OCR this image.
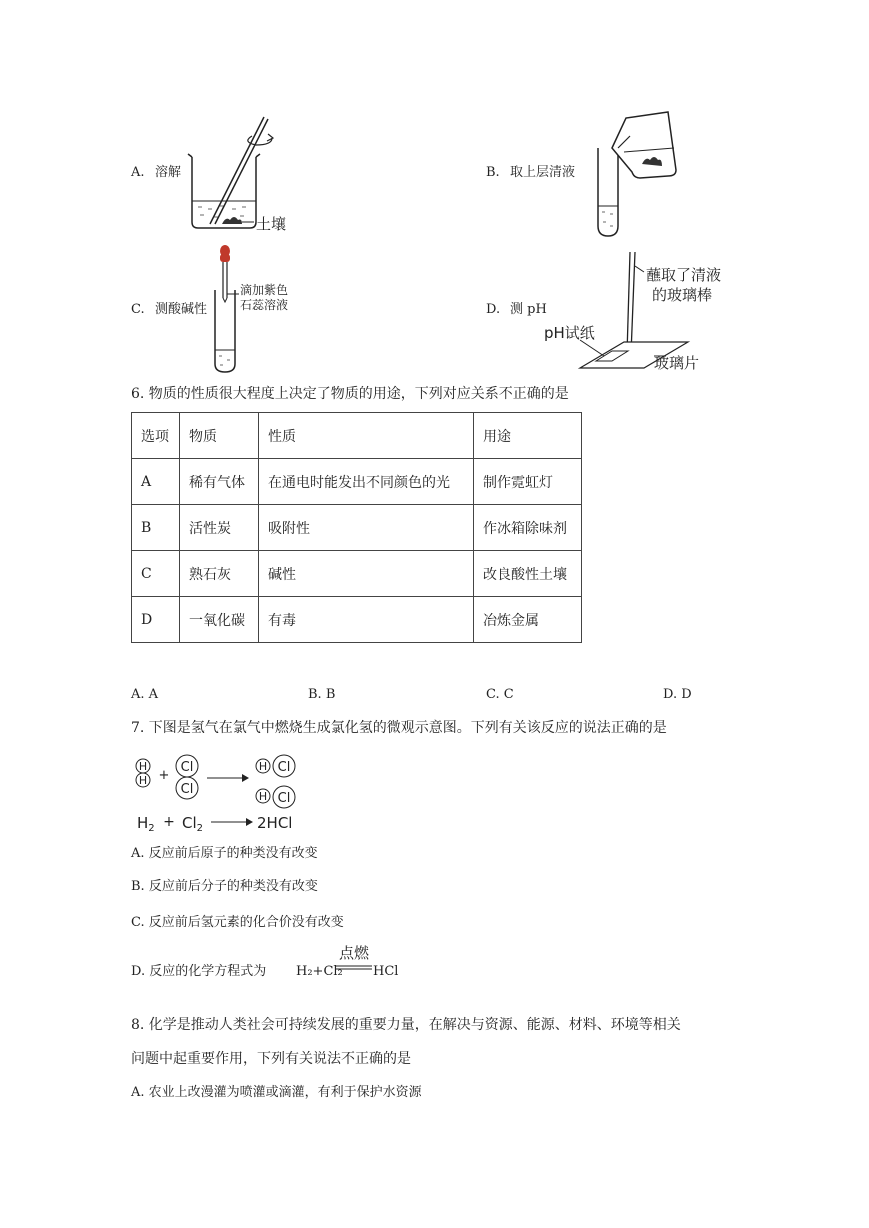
A. 溶解
土壤
B. 取上层清液
C. 测酸碱性
滴加紫色
石蕊溶液	D. 测 pH
蘸取了清液
的玻璃棒
pH试纸
玻璃片
6. 物质的性质很大程度上决定了物质的用途，下列对应关系不正确的是
选项	物质	性质	用途
A	稀有气体	在通电时能发出不同颜色的光	制作霓虹灯
B	活性炭	吸附性	作冰箱除味剂
C	熟石灰	碱性	改良酸性土壤
D	一氧化碳	有毒	冶炼金属
A. A	B. B	C. C	D. D
7. 下图是氢气在氯气中燃烧生成氯化氢的微观示意图。下列有关该反应的说法正确的是
H
H +
Cl
Cl
H Cl
H Cl
$H_2 + Cl_2$	2HCl
A. 反应前后原子的种类没有改变
B. 反应前后分子的种类没有改变
C. 反应前后氢元素的化合价没有改变
D. 反应的化学方程式为 H₂+Cl₂
点燃
HCl
8. 化学是推动人类社会可持续发展的重要力量，在解决与资源、能源、材料、环境等相关
问题中起重要作用，下列有关说法不正确的是
A. 农业上改漫灌为喷灌或滴灌，有利于保护水资源
